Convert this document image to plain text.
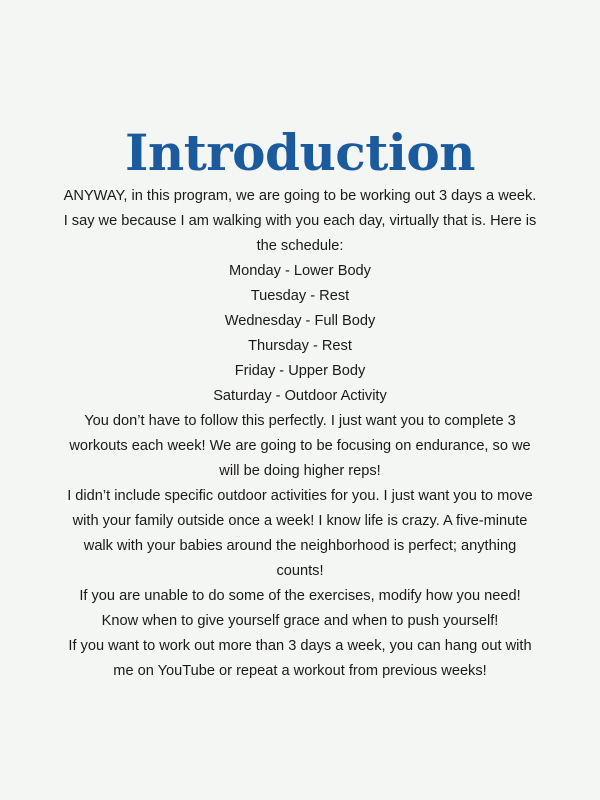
Introduction

ANYWAY, in this program, we are going to be working out 3 days a week. I say we because I am walking with you each day, virtually that is. Here is the schedule:

Monday - Lower Body

Tuesday - Rest

Wednesday - Full Body

Thursday - Rest

Friday - Upper Body

Saturday - Outdoor Activity

You don’t have to follow this perfectly. I just want you to complete 3 workouts each week! We are going to be focusing on endurance, so we will be doing higher reps!

I didn’t include specific outdoor activities for you. I just want you to move with your family outside once a week! I know life is crazy. A five-minute walk with your babies around the neighborhood is perfect; anything counts!

If you are unable to do some of the exercises, modify how you need! Know when to give yourself grace and when to push yourself!

If you want to work out more than 3 days a week, you can hang out with me on YouTube or repeat a workout from previous weeks!
